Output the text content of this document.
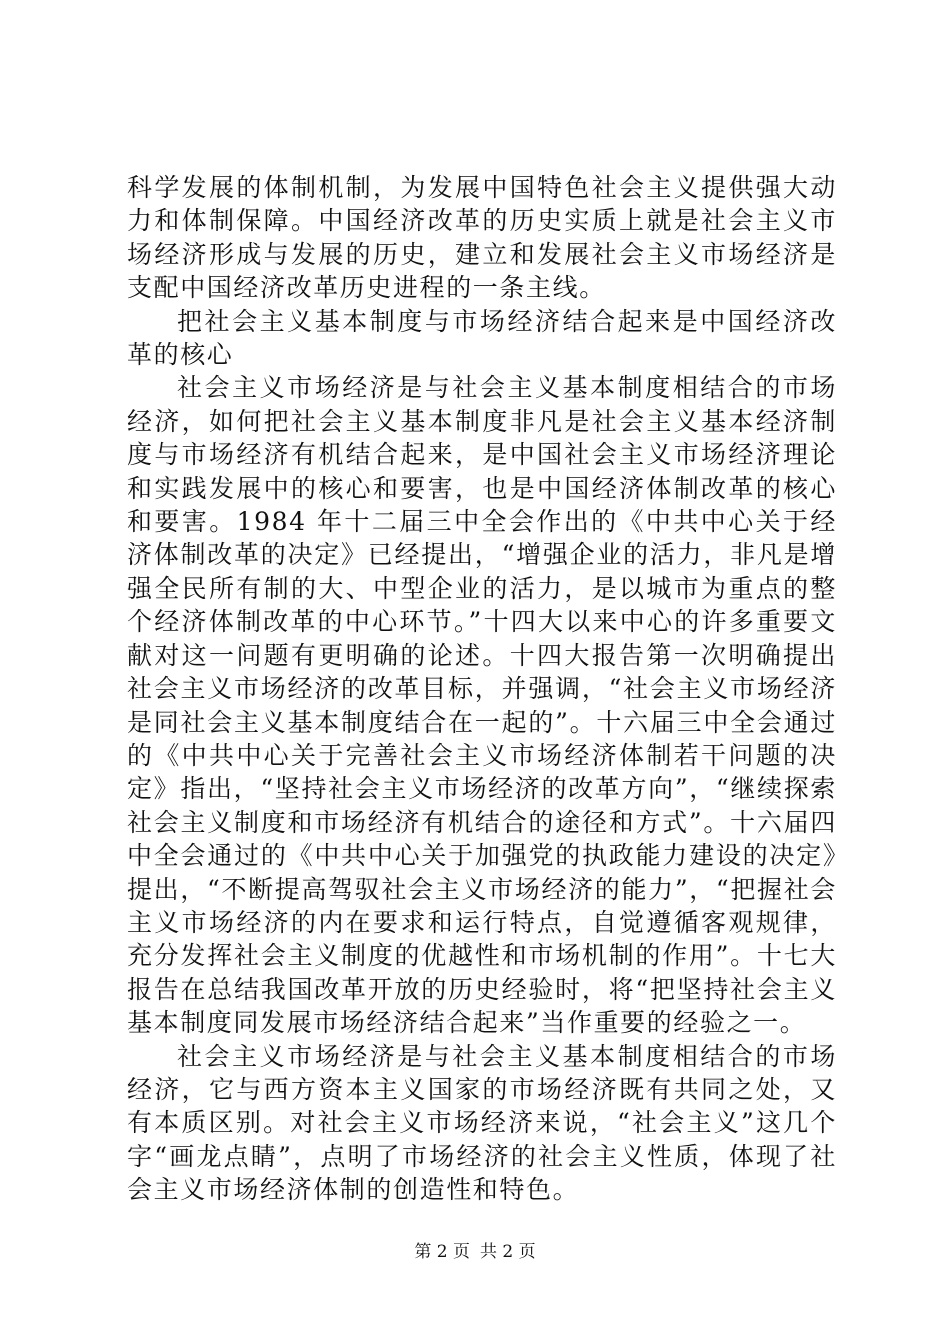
科学发展的体制机制，为发展中国特色社会主义提供强大动力和体制保障。中国经济改革的历史实质上就是社会主义市场经济形成与发展的历史，建立和发展社会主义市场经济是支配中国经济改革历史进程的一条主线。

把社会主义基本制度与市场经济结合起来是中国经济改革的核心

社会主义市场经济是与社会主义基本制度相结合的市场经济，如何把社会主义基本制度非凡是社会主义基本经济制度与市场经济有机结合起来，是中国社会主义市场经济理论和实践发展中的核心和要害，也是中国经济体制改革的核心和要害。1984 年十二届三中全会作出的《中共中心关于经济体制改革的决定》已经提出，“增强企业的活力，非凡是增强全民所有制的大、中型企业的活力，是以城市为重点的整个经济体制改革的中心环节。”十四大以来中心的许多重要文献对这一问题有更明确的论述。十四大报告第一次明确提出社会主义市场经济的改革目标，并强调，“社会主义市场经济是同社会主义基本制度结合在一起的”。十六届三中全会通过的《中共中心关于完善社会主义市场经济体制若干问题的决定》指出，“坚持社会主义市场经济的改革方向”，“继续探索社会主义制度和市场经济有机结合的途径和方式”。十六届四中全会通过的《中共中心关于加强党的执政能力建设的决定》提出，“不断提高驾驭社会主义市场经济的能力”，“把握社会主义市场经济的内在要求和运行特点，自觉遵循客观规律，充分发挥社会主义制度的优越性和市场机制的作用”。十七大报告在总结我国改革开放的历史经验时，将“把坚持社会主义基本制度同发展市场经济结合起来”当作重要的经验之一。

社会主义市场经济是与社会主义基本制度相结合的市场经济，它与西方资本主义国家的市场经济既有共同之处，又有本质区别。对社会主义市场经济来说，“社会主义”这几个字“画龙点睛”，点明了市场经济的社会主义性质，体现了社会主义市场经济体制的创造性和特色。

第 2 页 共 2 页
